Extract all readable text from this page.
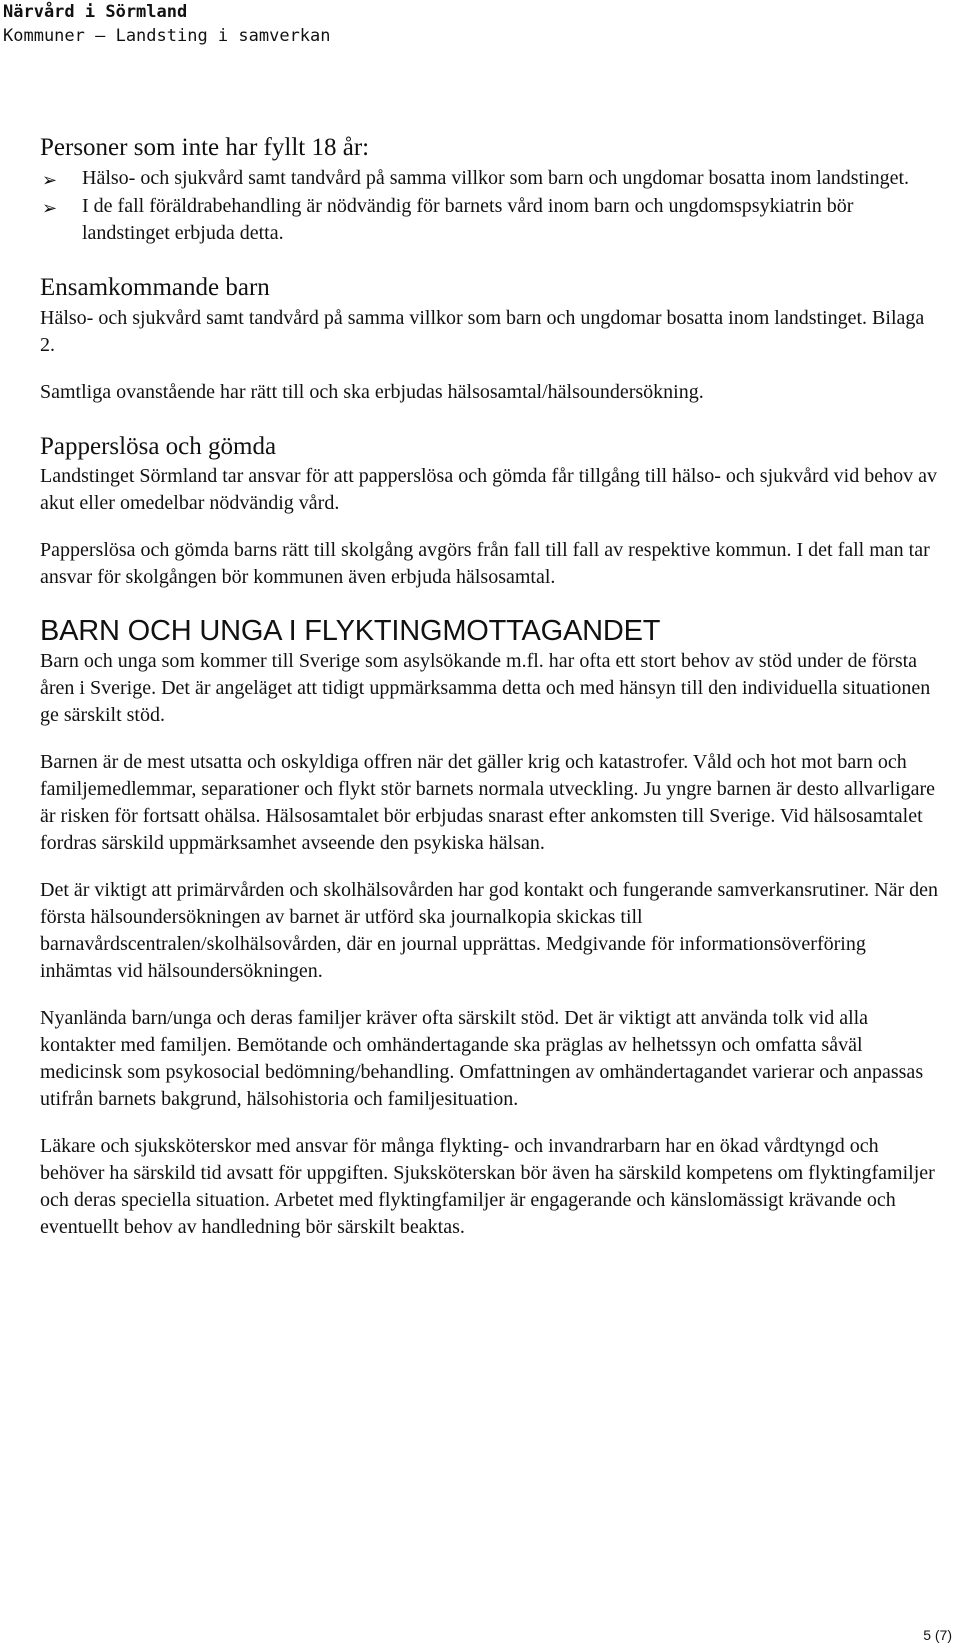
Närvård i Sörmland
Kommuner – Landsting i samverkan
Personer som inte har fyllt 18 år:
➢ Hälso- och sjukvård samt tandvård på samma villkor som barn och ungdomar bosatta inom landstinget.
➢ I de fall föräldrabehandling är nödvändig för barnets vård inom barn och ungdomspsykiatrin bör landstinget erbjuda detta.
Ensamkommande barn

Hälso- och sjukvård samt tandvård på samma villkor som barn och ungdomar bosatta inom landstinget. Bilaga 2.

Samtliga ovanstående har rätt till och ska erbjudas hälsosamtal/hälsoundersökning.

Papperslösa och gömda

Landstinget Sörmland tar ansvar för att papperslösa och gömda får tillgång till hälso- och sjukvård vid behov av akut eller omedelbar nödvändig vård.

Papperslösa och gömda barns rätt till skolgång avgörs från fall till fall av respektive kommun. I det fall man tar ansvar för skolgången bör kommunen även erbjuda hälsosamtal.

BARN OCH UNGA I FLYKTINGMOTTAGANDET

Barn och unga som kommer till Sverige som asylsökande m.fl. har ofta ett stort behov av stöd under de första åren i Sverige. Det är angeläget att tidigt uppmärksamma detta och med hänsyn till den individuella situationen ge särskilt stöd.

Barnen är de mest utsatta och oskyldiga offren när det gäller krig och katastrofer. Våld och hot mot barn och familjemedlemmar, separationer och flykt stör barnets normala utveckling. Ju yngre barnen är desto allvarligare är risken för fortsatt ohälsa. Hälsosamtalet bör erbjudas snarast efter ankomsten till Sverige. Vid hälsosamtalet fordras särskild uppmärksamhet avseende den psykiska hälsan.

Det är viktigt att primärvården och skolhälsovården har god kontakt och fungerande samverkansrutiner. När den första hälsoundersökningen av barnet är utförd ska journalkopia skickas till barnavårdscentralen/skolhälsovården, där en journal upprättas. Medgivande för informationsöverföring inhämtas vid hälsoundersökningen.

Nyanlända barn/unga och deras familjer kräver ofta särskilt stöd. Det är viktigt att använda tolk vid alla kontakter med familjen. Bemötande och omhändertagande ska präglas av helhetssyn och omfatta såväl medicinsk som psykosocial bedömning/behandling. Omfattningen av omhändertagandet varierar och anpassas utifrån barnets bakgrund, hälsohistoria och familjesituation.

Läkare och sjuksköterskor med ansvar för många flykting- och invandrarbarn har en ökad vårdtyngd och behöver ha särskild tid avsatt för uppgiften. Sjuksköterskan bör även ha särskild kompetens om flyktingfamiljer och deras speciella situation. Arbetet med flyktingfamiljer är engagerande och känslomässigt krävande och eventuellt behov av handledning bör särskilt beaktas.

5 (7)
